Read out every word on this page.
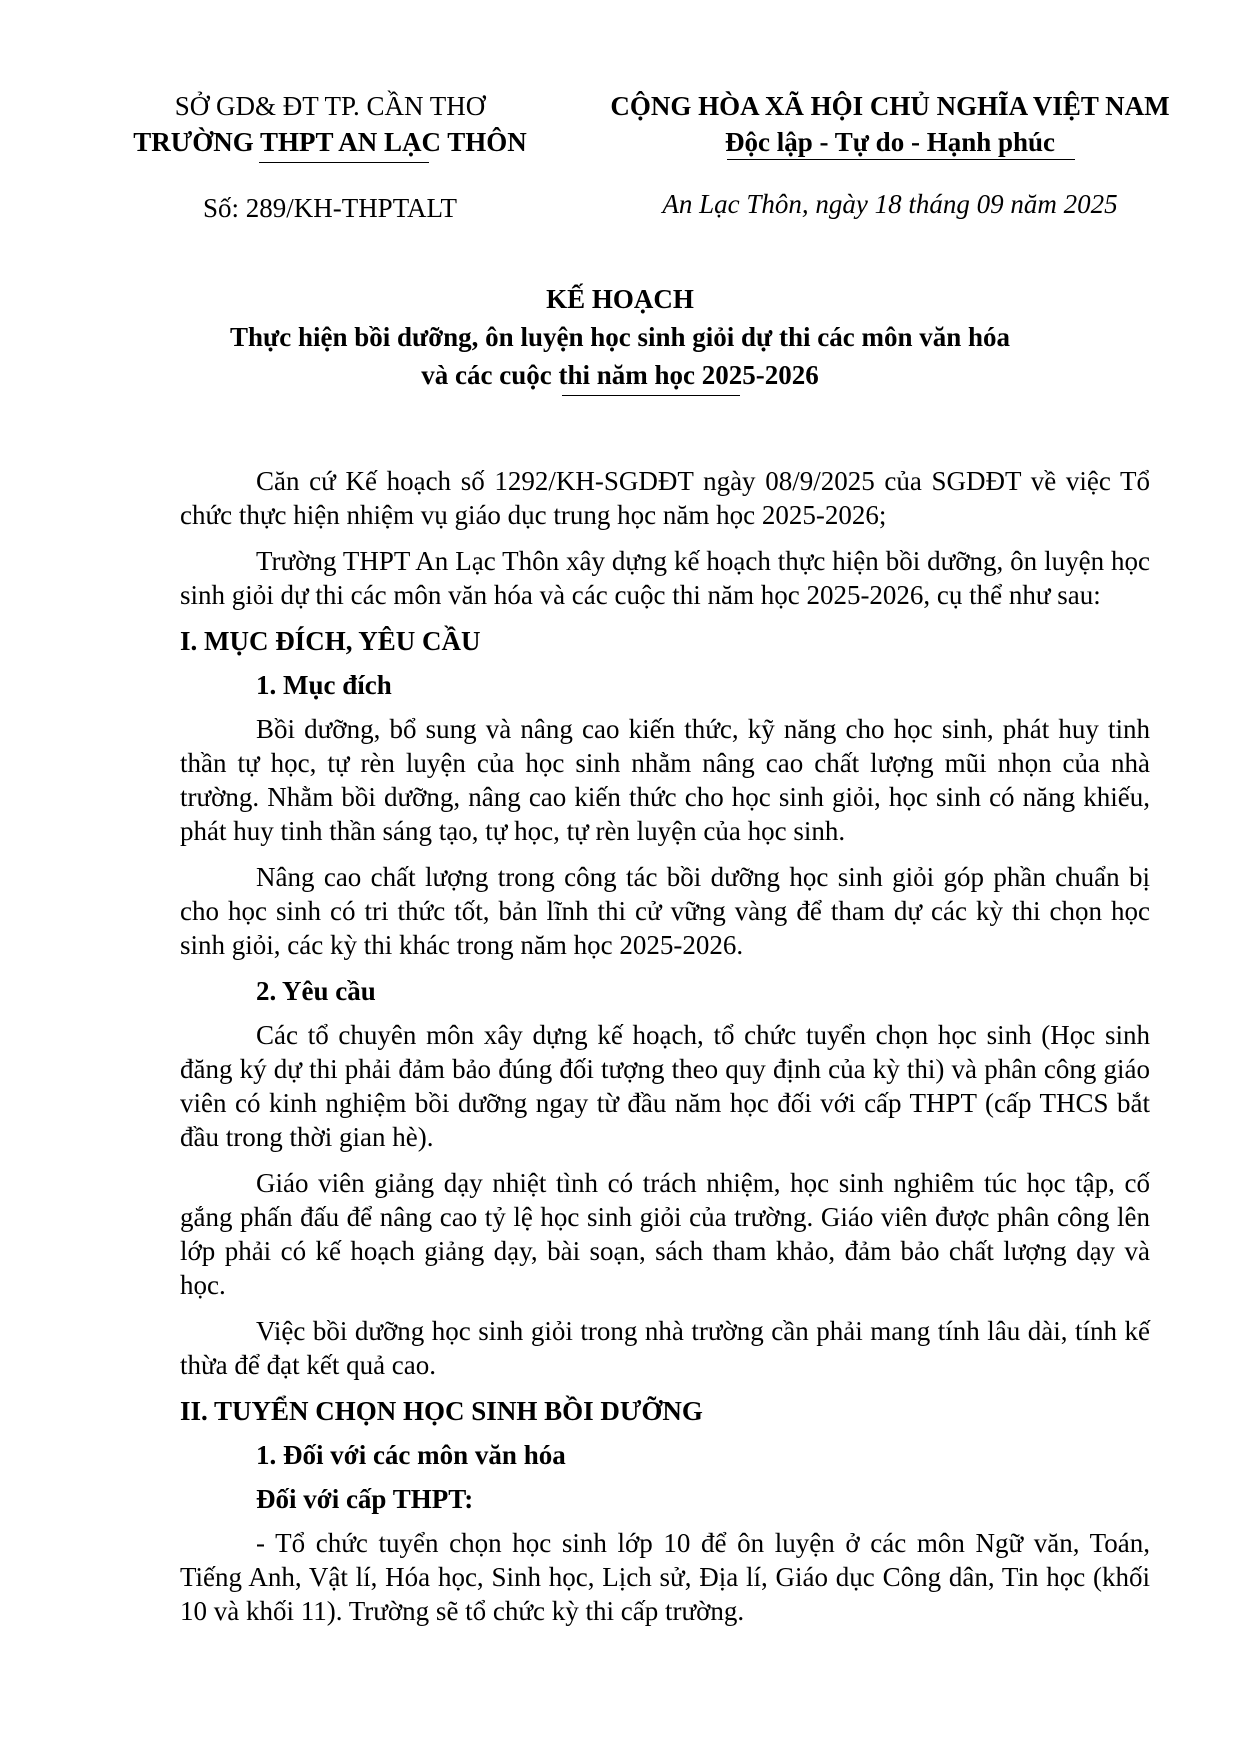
SỞ GD& ĐT TP. CẦN THƠ
TRƯỜNG THPT AN LẠC THÔN
CỘNG HÒA XÃ HỘI CHỦ NGHĨA VIỆT NAM
Độc lập - Tự do - Hạnh phúc
Số: 289/KH-THPTALT	An Lạc Thôn, ngày 18 tháng 09 năm 2025
KẾ HOẠCH
Thực hiện bồi dưỡng, ôn luyện học sinh giỏi dự thi các môn văn hóa
và các cuộc thi năm học 2025-2026

Căn cứ Kế hoạch số 1292/KH-SGDĐT ngày 08/9/2025 của SGDĐT về việc Tổ chức thực hiện nhiệm vụ giáo dục trung học năm học 2025-2026;

Trường THPT An Lạc Thôn xây dựng kế hoạch thực hiện bồi dưỡng, ôn luyện học sinh giỏi dự thi các môn văn hóa và các cuộc thi năm học 2025-2026, cụ thể như sau:

I. MỤC ĐÍCH, YÊU CẦU
1. Mục đích

Bồi dưỡng, bổ sung và nâng cao kiến thức, kỹ năng cho học sinh, phát huy tinh thần tự học, tự rèn luyện của học sinh nhằm nâng cao chất lượng mũi nhọn của nhà trường. Nhằm bồi dưỡng, nâng cao kiến thức cho học sinh giỏi, học sinh có năng khiếu, phát huy tinh thần sáng tạo, tự học, tự rèn luyện của học sinh.

Nâng cao chất lượng trong công tác bồi dưỡng học sinh giỏi góp phần chuẩn bị cho học sinh có tri thức tốt, bản lĩnh thi cử vững vàng để tham dự các kỳ thi chọn học sinh giỏi, các kỳ thi khác trong năm học 2025-2026.

2. Yêu cầu

Các tổ chuyên môn xây dựng kế hoạch, tổ chức tuyển chọn học sinh (Học sinh đăng ký dự thi phải đảm bảo đúng đối tượng theo quy định của kỳ thi) và phân công giáo viên có kinh nghiệm bồi dưỡng ngay từ đầu năm học đối với cấp THPT (cấp THCS bắt đầu trong thời gian hè).

Giáo viên giảng dạy nhiệt tình có trách nhiệm, học sinh nghiêm túc học tập, cố gắng phấn đấu để nâng cao tỷ lệ học sinh giỏi của trường. Giáo viên được phân công lên lớp phải có kế hoạch giảng dạy, bài soạn, sách tham khảo, đảm bảo chất lượng dạy và học.

Việc bồi dưỡng học sinh giỏi trong nhà trường cần phải mang tính lâu dài, tính kế thừa để đạt kết quả cao.

II. TUYỂN CHỌN HỌC SINH BỒI DƯỠNG
1. Đối với các môn văn hóa
Đối với cấp THPT:

- Tổ chức tuyển chọn học sinh lớp 10 để ôn luyện ở các môn Ngữ văn, Toán, Tiếng Anh, Vật lí, Hóa học, Sinh học, Lịch sử, Địa lí, Giáo dục Công dân, Tin học (khối 10 và khối 11). Trường sẽ tổ chức kỳ thi cấp trường.
